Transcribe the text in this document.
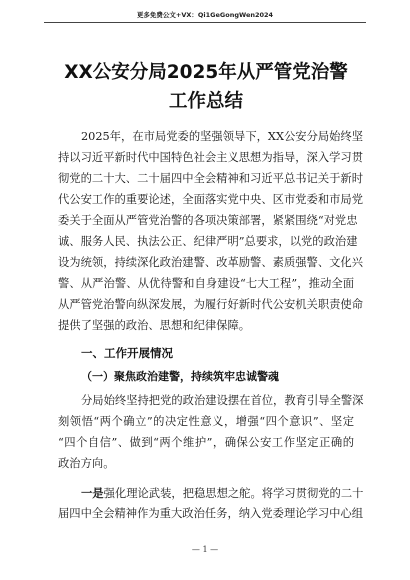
更多免费公文+VX：Qi1GeGongWen2024
XX公安分局2025年从严管党治警工作总结
2025年，在市局党委的坚强领导下，XX公安分局始终坚
持以习近平新时代中国特色社会主义思想为指导，深入学习贯
彻党的二十大、二十届四中全会精神和习近平总书记关于新时
代公安工作的重要论述，全面落实党中央、区市党委和市局党
委关于全面从严管党治警的各项决策部署，紧紧围绕“对党忠
诚、服务人民、执法公正、纪律严明”总要求，以党的政治建
设为统领，持续深化政治建警、改革励警、素质强警、文化兴
警、从严治警、从优待警和自身建设“七大工程”，推动全面
从严管党治警向纵深发展，为履行好新时代公安机关职责使命
提供了坚强的政治、思想和纪律保障。
一、工作开展情况
（一）聚焦政治建警，持续筑牢忠诚警魂
分局始终坚持把党的政治建设摆在首位，教育引导全警深
刻领悟“两个确立”的决定性意义，增强“四个意识”、坚定
“四个自信”、做到“两个维护”，确保公安工作坚定正确的
政治方向。
一是强化理论武装，把稳思想之舵。将学习贯彻党的二十
届四中全会精神作为重大政治任务，纳入党委理论学习中心组
— 1 —
